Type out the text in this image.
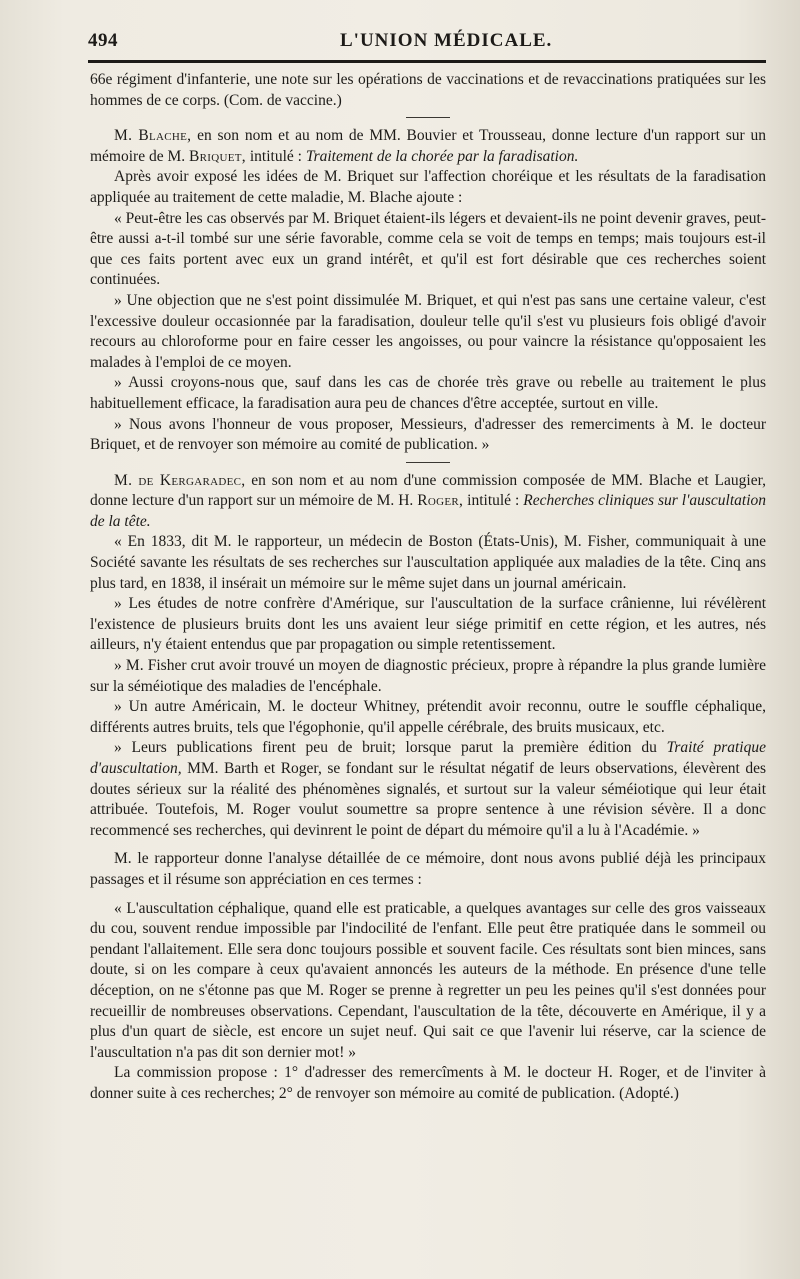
494	L'UNION MÉDICALE.

66e régiment d'infanterie, une note sur les opérations de vaccinations et de revaccinations pratiquées sur les hommes de ce corps. (Com. de vaccine.)

M. Blache, en son nom et au nom de MM. Bouvier et Trousseau, donne lecture d'un rapport sur un mémoire de M. Briquet, intitulé : Traitement de la chorée par la faradisation.

Après avoir exposé les idées de M. Briquet sur l'affection choréique et les résultats de la faradisation appliquée au traitement de cette maladie, M. Blache ajoute :

« Peut-être les cas observés par M. Briquet étaient-ils légers et devaient-ils ne point devenir graves, peut-être aussi a-t-il tombé sur une série favorable, comme cela se voit de temps en temps; mais toujours est-il que ces faits portent avec eux un grand intérêt, et qu'il est fort désirable que ces recherches soient continuées.

» Une objection que ne s'est point dissimulée M. Briquet, et qui n'est pas sans une certaine valeur, c'est l'excessive douleur occasionnée par la faradisation, douleur telle qu'il s'est vu plusieurs fois obligé d'avoir recours au chloroforme pour en faire cesser les angoisses, ou pour vaincre la résistance qu'opposaient les malades à l'emploi de ce moyen.

» Aussi croyons-nous que, sauf dans les cas de chorée très grave ou rebelle au traitement le plus habituellement efficace, la faradisation aura peu de chances d'être acceptée, surtout en ville.

» Nous avons l'honneur de vous proposer, Messieurs, d'adresser des remerciments à M. le docteur Briquet, et de renvoyer son mémoire au comité de publication. »

M. de Kergaradec, en son nom et au nom d'une commission composée de MM. Blache et Laugier, donne lecture d'un rapport sur un mémoire de M. H. Roger, intitulé : Recherches cliniques sur l'auscultation de la tête.

« En 1833, dit M. le rapporteur, un médecin de Boston (États-Unis), M. Fisher, communiquait à une Société savante les résultats de ses recherches sur l'auscultation appliquée aux maladies de la tête. Cinq ans plus tard, en 1838, il insérait un mémoire sur le même sujet dans un journal américain.

» Les études de notre confrère d'Amérique, sur l'auscultation de la surface crânienne, lui révélèrent l'existence de plusieurs bruits dont les uns avaient leur siége primitif en cette région, et les autres, nés ailleurs, n'y étaient entendus que par propagation ou simple retentissement.

» M. Fisher crut avoir trouvé un moyen de diagnostic précieux, propre à répandre la plus grande lumière sur la séméiotique des maladies de l'encéphale.

» Un autre Américain, M. le docteur Whitney, prétendit avoir reconnu, outre le souffle céphalique, différents autres bruits, tels que l'égophonie, qu'il appelle cérébrale, des bruits musicaux, etc.

» Leurs publications firent peu de bruit; lorsque parut la première édition du Traité pratique d'auscultation, MM. Barth et Roger, se fondant sur le résultat négatif de leurs observations, élevèrent des doutes sérieux sur la réalité des phénomènes signalés, et surtout sur la valeur séméiotique qui leur était attribuée. Toutefois, M. Roger voulut soumettre sa propre sentence à une révision sévère. Il a donc recommencé ses recherches, qui devinrent le point de départ du mémoire qu'il a lu à l'Académie. »

M. le rapporteur donne l'analyse détaillée de ce mémoire, dont nous avons publié déjà les principaux passages et il résume son appréciation en ces termes :

« L'auscultation céphalique, quand elle est praticable, a quelques avantages sur celle des gros vaisseaux du cou, souvent rendue impossible par l'indocilité de l'enfant. Elle peut être pratiquée dans le sommeil ou pendant l'allaitement. Elle sera donc toujours possible et souvent facile. Ces résultats sont bien minces, sans doute, si on les compare à ceux qu'avaient annoncés les auteurs de la méthode. En présence d'une telle déception, on ne s'étonne pas que M. Roger se prenne à regretter un peu les peines qu'il s'est données pour recueillir de nombreuses observations. Cependant, l'auscultation de la tête, découverte en Amérique, il y a plus d'un quart de siècle, est encore un sujet neuf. Qui sait ce que l'avenir lui réserve, car la science de l'auscultation n'a pas dit son dernier mot! »

La commission propose : 1° d'adresser des remercîments à M. le docteur H. Roger, et de l'inviter à donner suite à ces recherches; 2° de renvoyer son mémoire au comité de publication. (Adopté.)
